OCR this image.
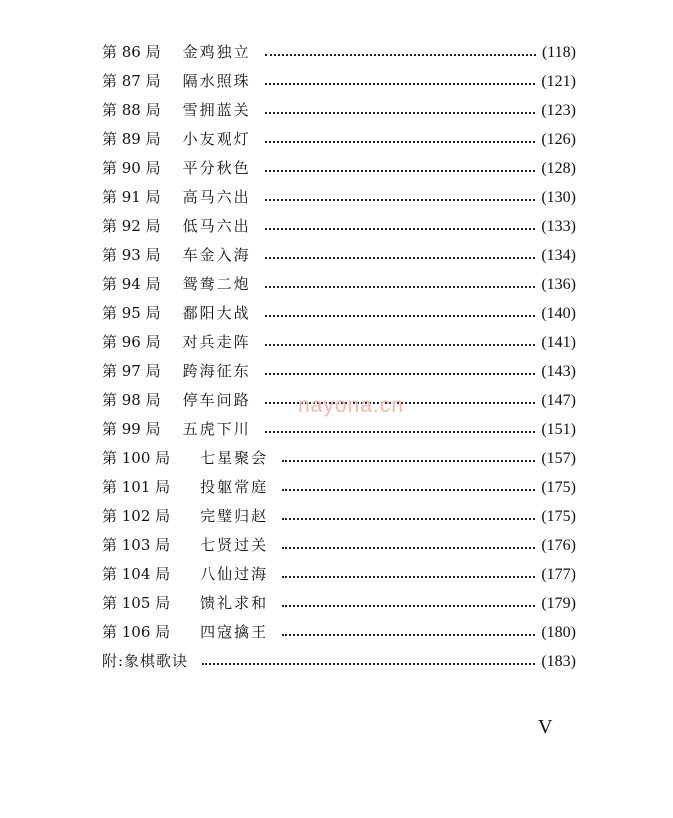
第 86 局 金鸡独立	(118)
第 87 局 隔水照珠	(121)
第 88 局 雪拥蓝关	(123)
第 89 局 小友观灯	(126)
第 90 局 平分秋色	(128)
第 91 局 高马六出	(130)
第 92 局 低马六出	(133)
第 93 局 车金入海	(134)
第 94 局 鸳鸯二炮	(136)
第 95 局 鄱阳大战	(140)
第 96 局 对兵走阵	(141)
第 97 局 跨海征东	(143)
第 98 局 停车问路	(147)
第 99 局 五虎下川	(151)
第 100 局 七星聚会	(157)
第 101 局 投躯常庭	(175)
第 102 局 完璧归赵	(175)
第 103 局 七贤过关	(176)
第 104 局 八仙过海	(177)
第 105 局 馈礼求和	(179)
第 106 局 四寇擒王	(180)
附:象棋歌诀	(183)
nayona.cn
V
